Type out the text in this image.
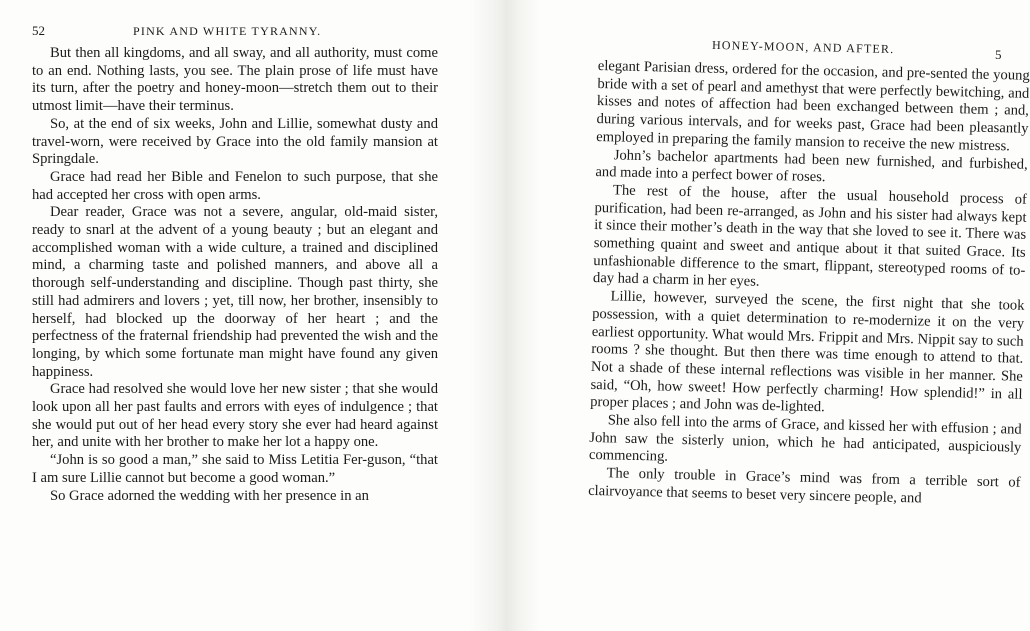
52	PINK AND WHITE TYRANNY.

But then all kingdoms, and all sway, and all authority, must come to an end. Nothing lasts, you see. The plain prose of life must have its turn, after the poetry and honey-moon—stretch them out to their utmost limit—have their terminus.

So, at the end of six weeks, John and Lillie, somewhat dusty and travel-worn, were received by Grace into the old family mansion at Springdale.

Grace had read her Bible and Fenelon to such purpose, that she had accepted her cross with open arms.

Dear reader, Grace was not a severe, angular, old-maid sister, ready to snarl at the advent of a young beauty ; but an elegant and accomplished woman with a wide culture, a trained and disciplined mind, a charming taste and polished manners, and above all a thorough self-understanding and discipline. Though past thirty, she still had admirers and lovers ; yet, till now, her brother, insensibly to herself, had blocked up the doorway of her heart ; and the perfectness of the fraternal friendship had prevented the wish and the longing, by which some fortunate man might have found any given happiness.

Grace had resolved she would love her new sister ; that she would look upon all her past faults and errors with eyes of indulgence ; that she would put out of her head every story she ever had heard against her, and unite with her brother to make her lot a happy one.

“John is so good a man,” she said to Miss Letitia Fer-guson, “that I am sure Lillie cannot but become a good woman.”

So Grace adorned the wedding with her presence in an

HONEY-MOON, AND AFTER.	5

elegant Parisian dress, ordered for the occasion, and pre-sented the young bride with a set of pearl and amethyst that were perfectly bewitching, and kisses and notes of affection had been exchanged between them ; and, during various intervals, and for weeks past, Grace had been pleasantly employed in preparing the family mansion to receive the new mistress.

John’s bachelor apartments had been new furnished, and furbished, and made into a perfect bower of roses.

The rest of the house, after the usual household process of purification, had been re-arranged, as John and his sister had always kept it since their mother’s death in the way that she loved to see it. There was something quaint and sweet and antique about it that suited Grace. Its unfashionable difference to the smart, flippant, stereotyped rooms of to-day had a charm in her eyes.

Lillie, however, surveyed the scene, the first night that she took possession, with a quiet determination to re-modernize it on the very earliest opportunity. What would Mrs. Frippit and Mrs. Nippit say to such rooms ? she thought. But then there was time enough to attend to that. Not a shade of these internal reflections was visible in her manner. She said, “Oh, how sweet! How perfectly charming! How splendid!” in all proper places ; and John was de-lighted.

She also fell into the arms of Grace, and kissed her with effusion ; and John saw the sisterly union, which he had anticipated, auspiciously commencing.

The only trouble in Grace’s mind was from a terrible sort of clairvoyance that seems to beset very sincere people, and
